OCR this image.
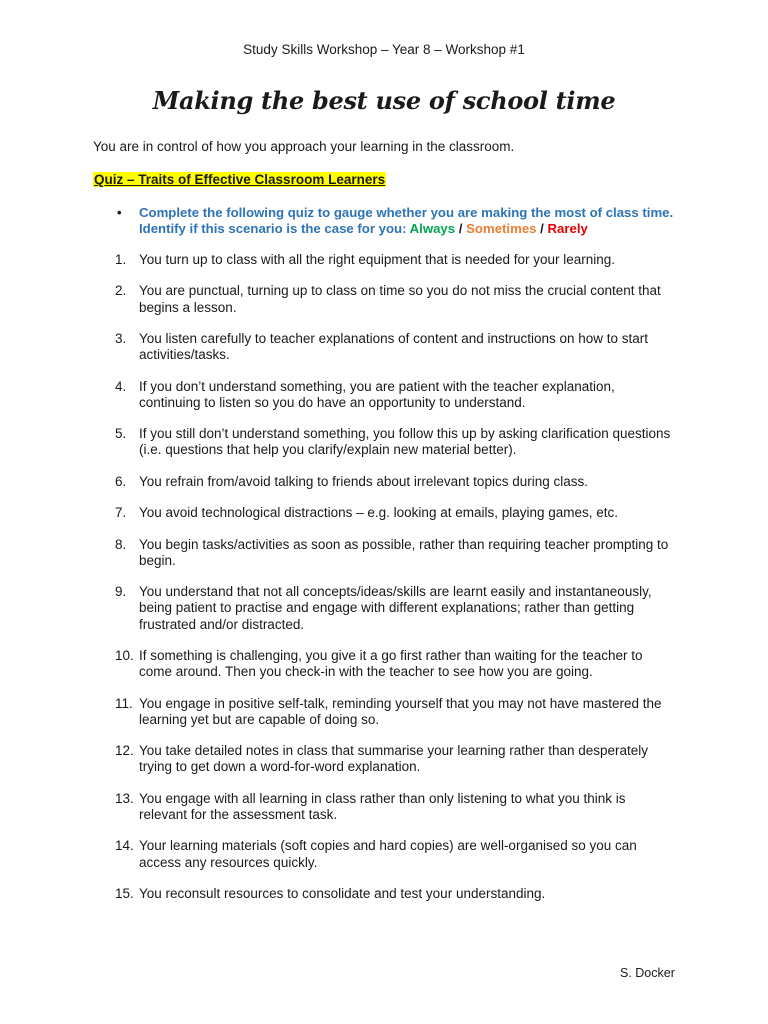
Study Skills Workshop – Year 8 – Workshop #1
Making the best use of school time
You are in control of how you approach your learning in the classroom.
Quiz – Traits of Effective Classroom Learners
• Complete the following quiz to gauge whether you are making the most of class time.
Identify if this scenario is the case for you: Always / Sometimes / Rarely
1. You turn up to class with all the right equipment that is needed for your learning.
2. You are punctual, turning up to class on time so you do not miss the crucial content that begins a lesson.
3. You listen carefully to teacher explanations of content and instructions on how to start activities/tasks.
4. If you don’t understand something, you are patient with the teacher explanation, continuing to listen so you do have an opportunity to understand.
5. If you still don’t understand something, you follow this up by asking clarification questions (i.e. questions that help you clarify/explain new material better).
6. You refrain from/avoid talking to friends about irrelevant topics during class.
7. You avoid technological distractions – e.g. looking at emails, playing games, etc.
8. You begin tasks/activities as soon as possible, rather than requiring teacher prompting to begin.
9. You understand that not all concepts/ideas/skills are learnt easily and instantaneously, being patient to practise and engage with different explanations; rather than getting frustrated and/or distracted.
10. If something is challenging, you give it a go first rather than waiting for the teacher to come around. Then you check-in with the teacher to see how you are going.
11. You engage in positive self-talk, reminding yourself that you may not have mastered the learning yet but are capable of doing so.
12. You take detailed notes in class that summarise your learning rather than desperately trying to get down a word-for-word explanation.
13. You engage with all learning in class rather than only listening to what you think is relevant for the assessment task.
14. Your learning materials (soft copies and hard copies) are well-organised so you can access any resources quickly.
15. You reconsult resources to consolidate and test your understanding.
S. Docker
